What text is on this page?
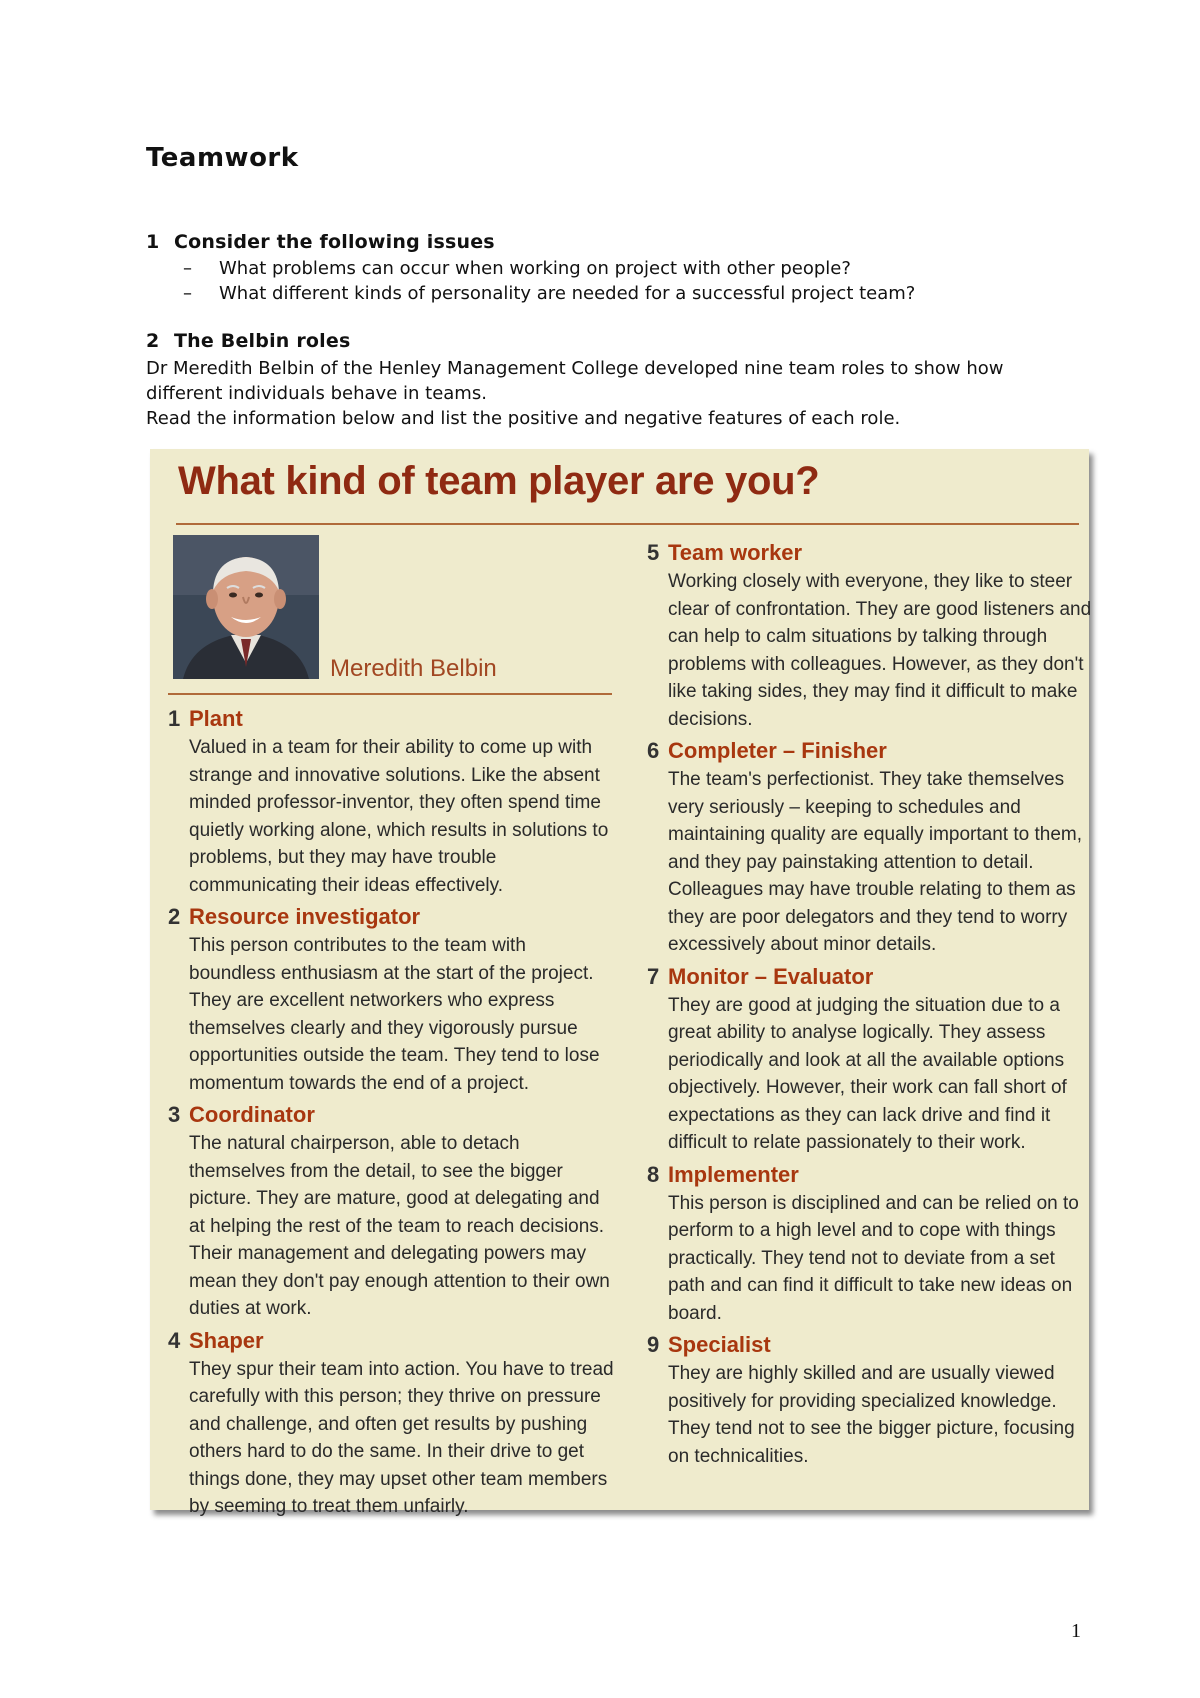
Teamwork
1 Consider the following issues
– What problems can occur when working on project with other people?
– What different kinds of personality are needed for a successful project team?
2 The Belbin roles

Dr Meredith Belbin of the Henley Management College developed nine team roles to show how different individuals behave in teams.

Read the information below and list the positive and negative features of each role.

What kind of team player are you?
Meredith Belbin
1 Plant

Valued in a team for their ability to come up with strange and innovative solutions. Like the absent minded professor-inventor, they often spend time quietly working alone, which results in solutions to problems, but they may have trouble communicating their ideas effectively.

2 Resource investigator

This person contributes to the team with boundless enthusiasm at the start of the project. They are excellent networkers who express themselves clearly and they vigorously pursue opportunities outside the team. They tend to lose momentum towards the end of a project.

3 Coordinator

The natural chairperson, able to detach themselves from the detail, to see the bigger picture. They are mature, good at delegating and at helping the rest of the team to reach decisions. Their management and delegating powers may mean they don't pay enough attention to their own duties at work.

4 Shaper

They spur their team into action. You have to tread carefully with this person; they thrive on pressure and challenge, and often get results by pushing others hard to do the same. In their drive to get things done, they may upset other team members by seeming to treat them unfairly.

5 Team worker

Working closely with everyone, they like to steer clear of confrontation. They are good listeners and can help to calm situations by talking through problems with colleagues. However, as they don't like taking sides, they may find it difficult to make decisions.

6 Completer – Finisher

The team's perfectionist. They take themselves very seriously – keeping to schedules and maintaining quality are equally important to them, and they pay painstaking attention to detail. Colleagues may have trouble relating to them as they are poor delegators and they tend to worry excessively about minor details.

7 Monitor – Evaluator

They are good at judging the situation due to a great ability to analyse logically. They assess periodically and look at all the available options objectively. However, their work can fall short of expectations as they can lack drive and find it difficult to relate passionately to their work.

8 Implementer

This person is disciplined and can be relied on to perform to a high level and to cope with things practically. They tend not to deviate from a set path and can find it difficult to take new ideas on board.

9 Specialist

They are highly skilled and are usually viewed positively for providing specialized knowledge. They tend not to see the bigger picture, focusing on technicalities.

1
